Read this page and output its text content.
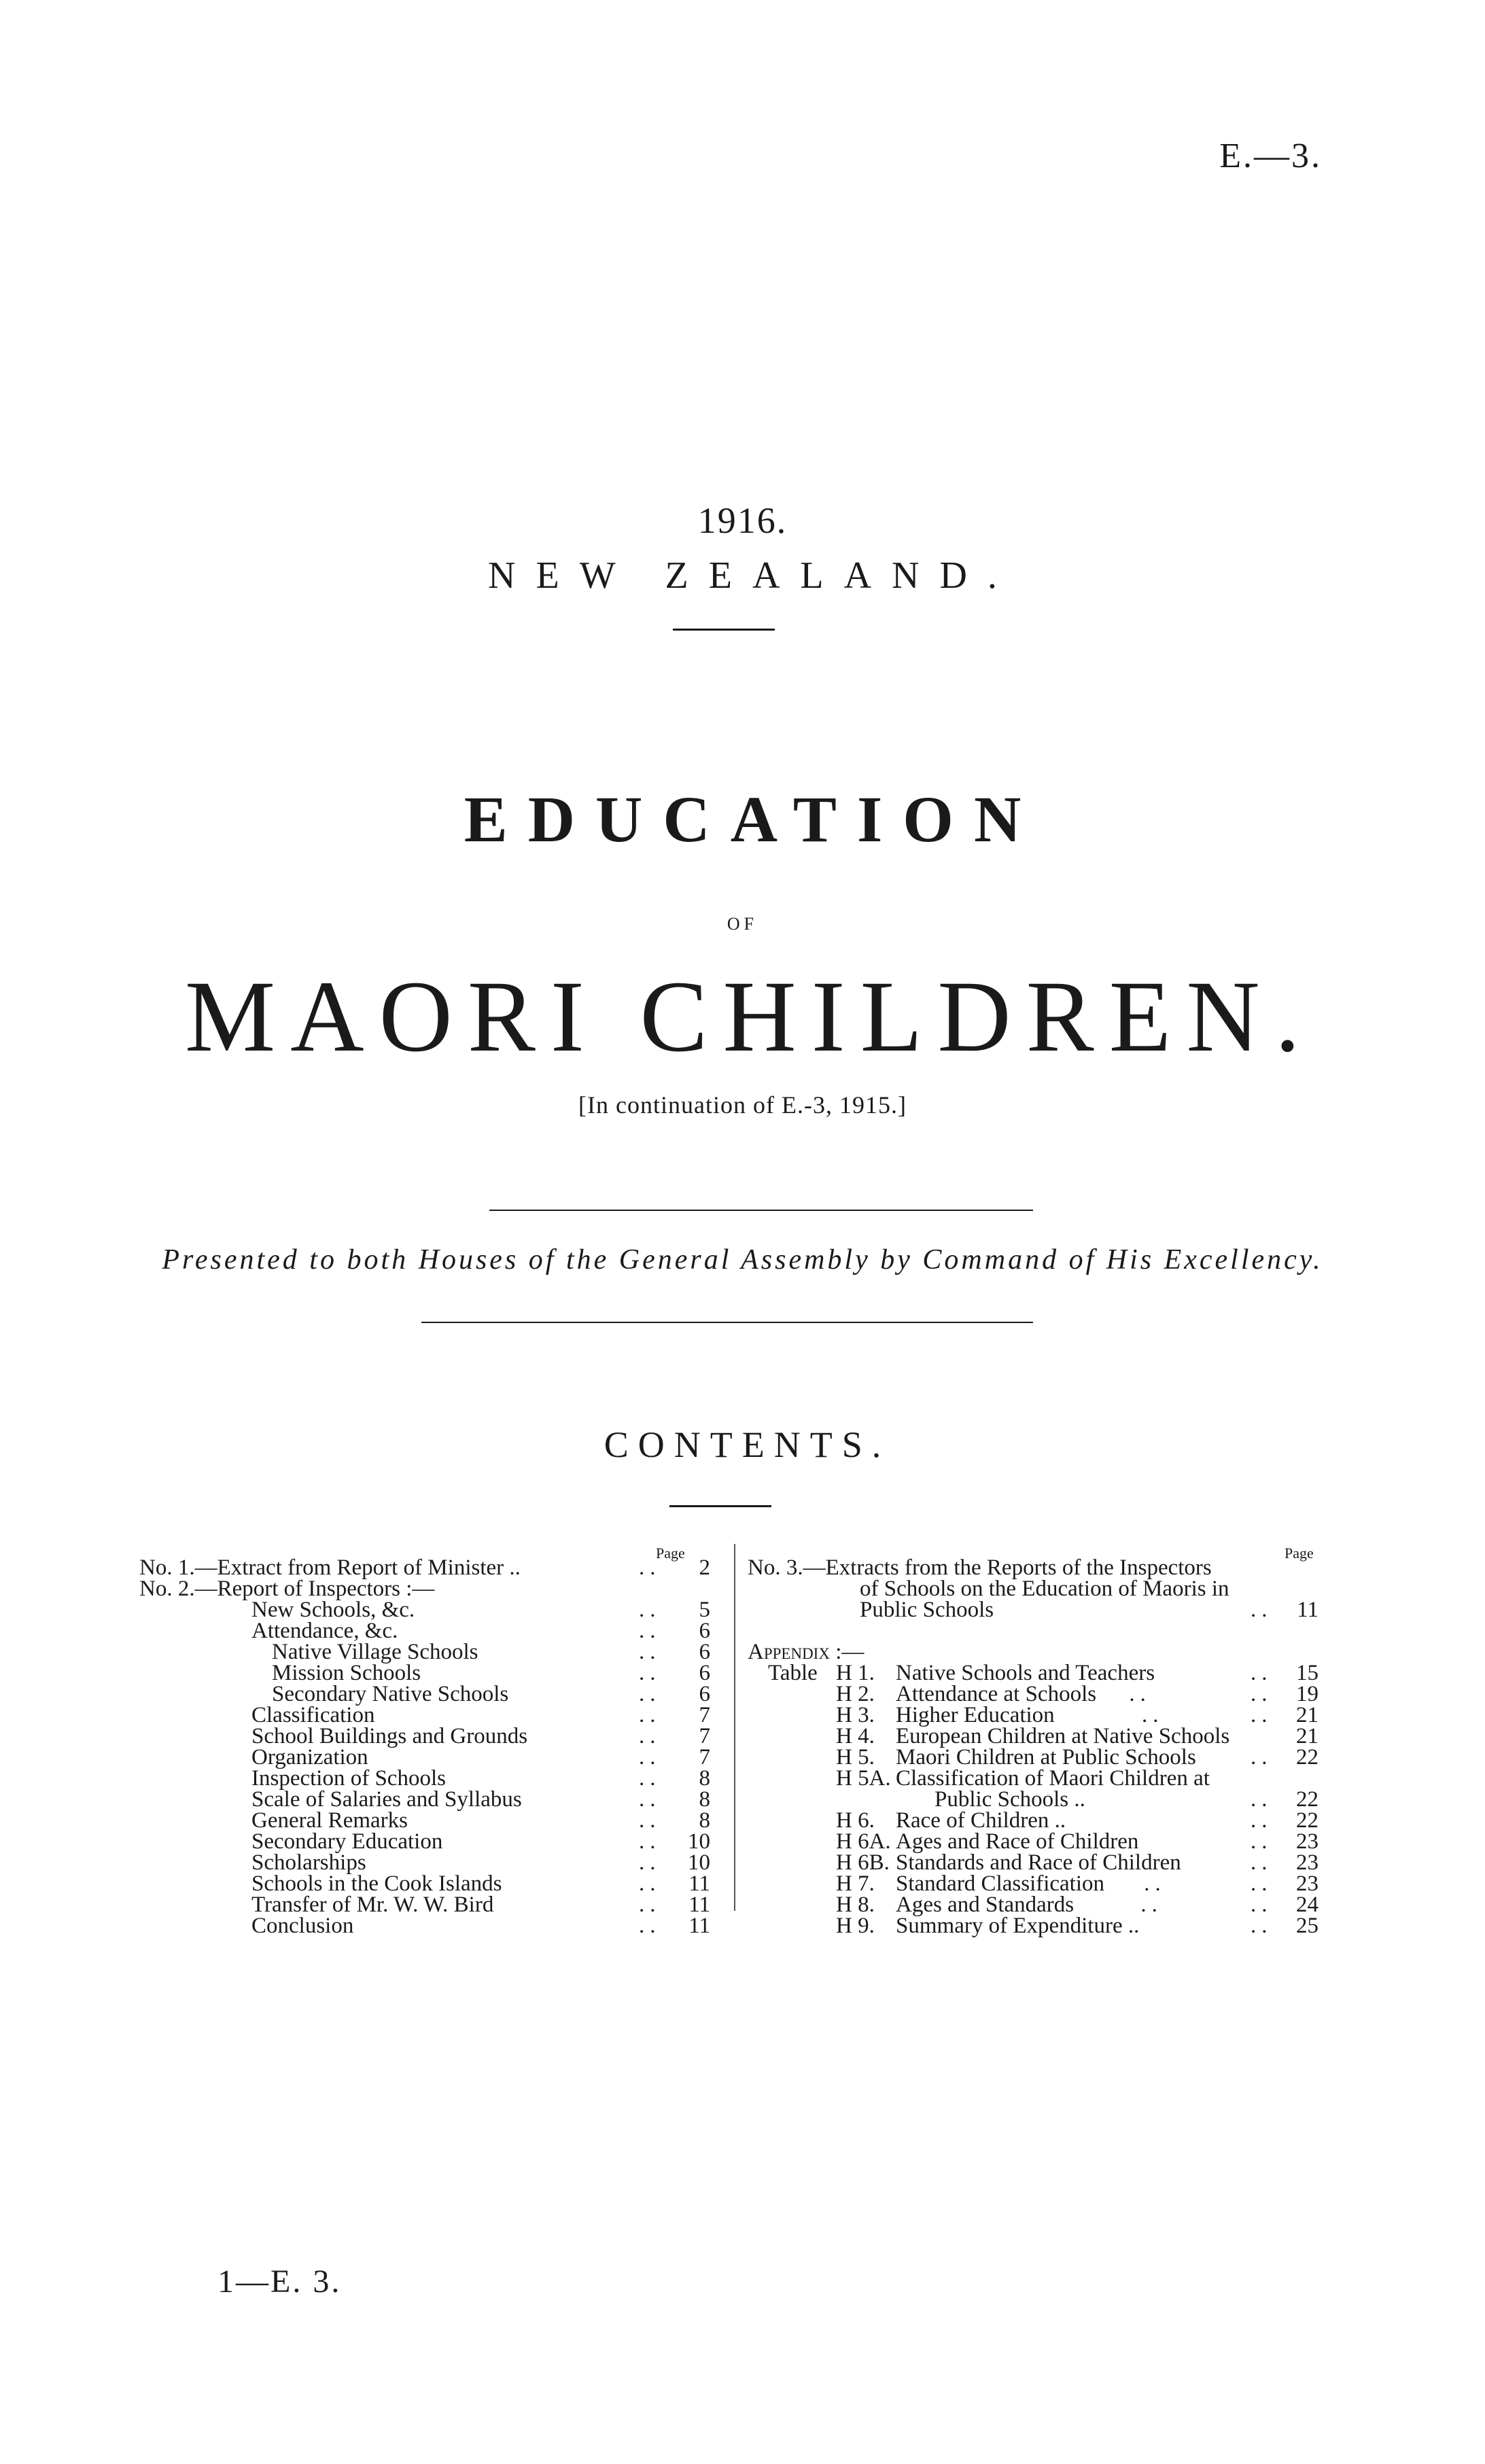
E.—3.
1916.
NEW ZEALAND.
EDUCATION
OF
MAORI CHILDREN.
[In continuation of E.-3, 1915.]
Presented to both Houses of the General Assembly by Command of His Excellency.
CONTENTS.
Page	Page
No. 1.—Extract from Report of Minister ..	..	2
No. 2.—Report of Inspectors :—
New Schools, &c.	..	5
Attendance, &c.	..	6
Native Village Schools	..	6
Mission Schools	..	6
Secondary Native Schools	..	6
Classification	..	7
School Buildings and Grounds	..	7
Organization	..	7
Inspection of Schools	..	8
Scale of Salaries and Syllabus	..	8
General Remarks	..	8
Secondary Education	..	10
Scholarships	..	10
Schools in the Cook Islands	..	11
Transfer of Mr. W. W. Bird	..	11
Conclusion	..	11
No. 3.—Extracts from the Reports of the Inspectors
of Schools on the Education of Maoris in
Public Schools	..	11
Appendix :—
Table H 1. Native Schools and Teachers	..	15
H 2. Attendance at Schools ..	..	19
H 3. Higher Education	..	..	21
H 4. European Children at Native Schools	21
H 5. Maori Children at Public Schools ..	22
H 5A. Classification of Maori Children at
Public Schools ..	..	22
H 6. Race of Children ..	..	22
H 6A. Ages and Race of Children	..	23
H 6B. Standards and Race of Children	..	23
H 7. Standard Classification ..	..	23
H 8. Ages and Standards	..	..	24
H 9. Summary of Expenditure ..	..	25
1—E. 3.
